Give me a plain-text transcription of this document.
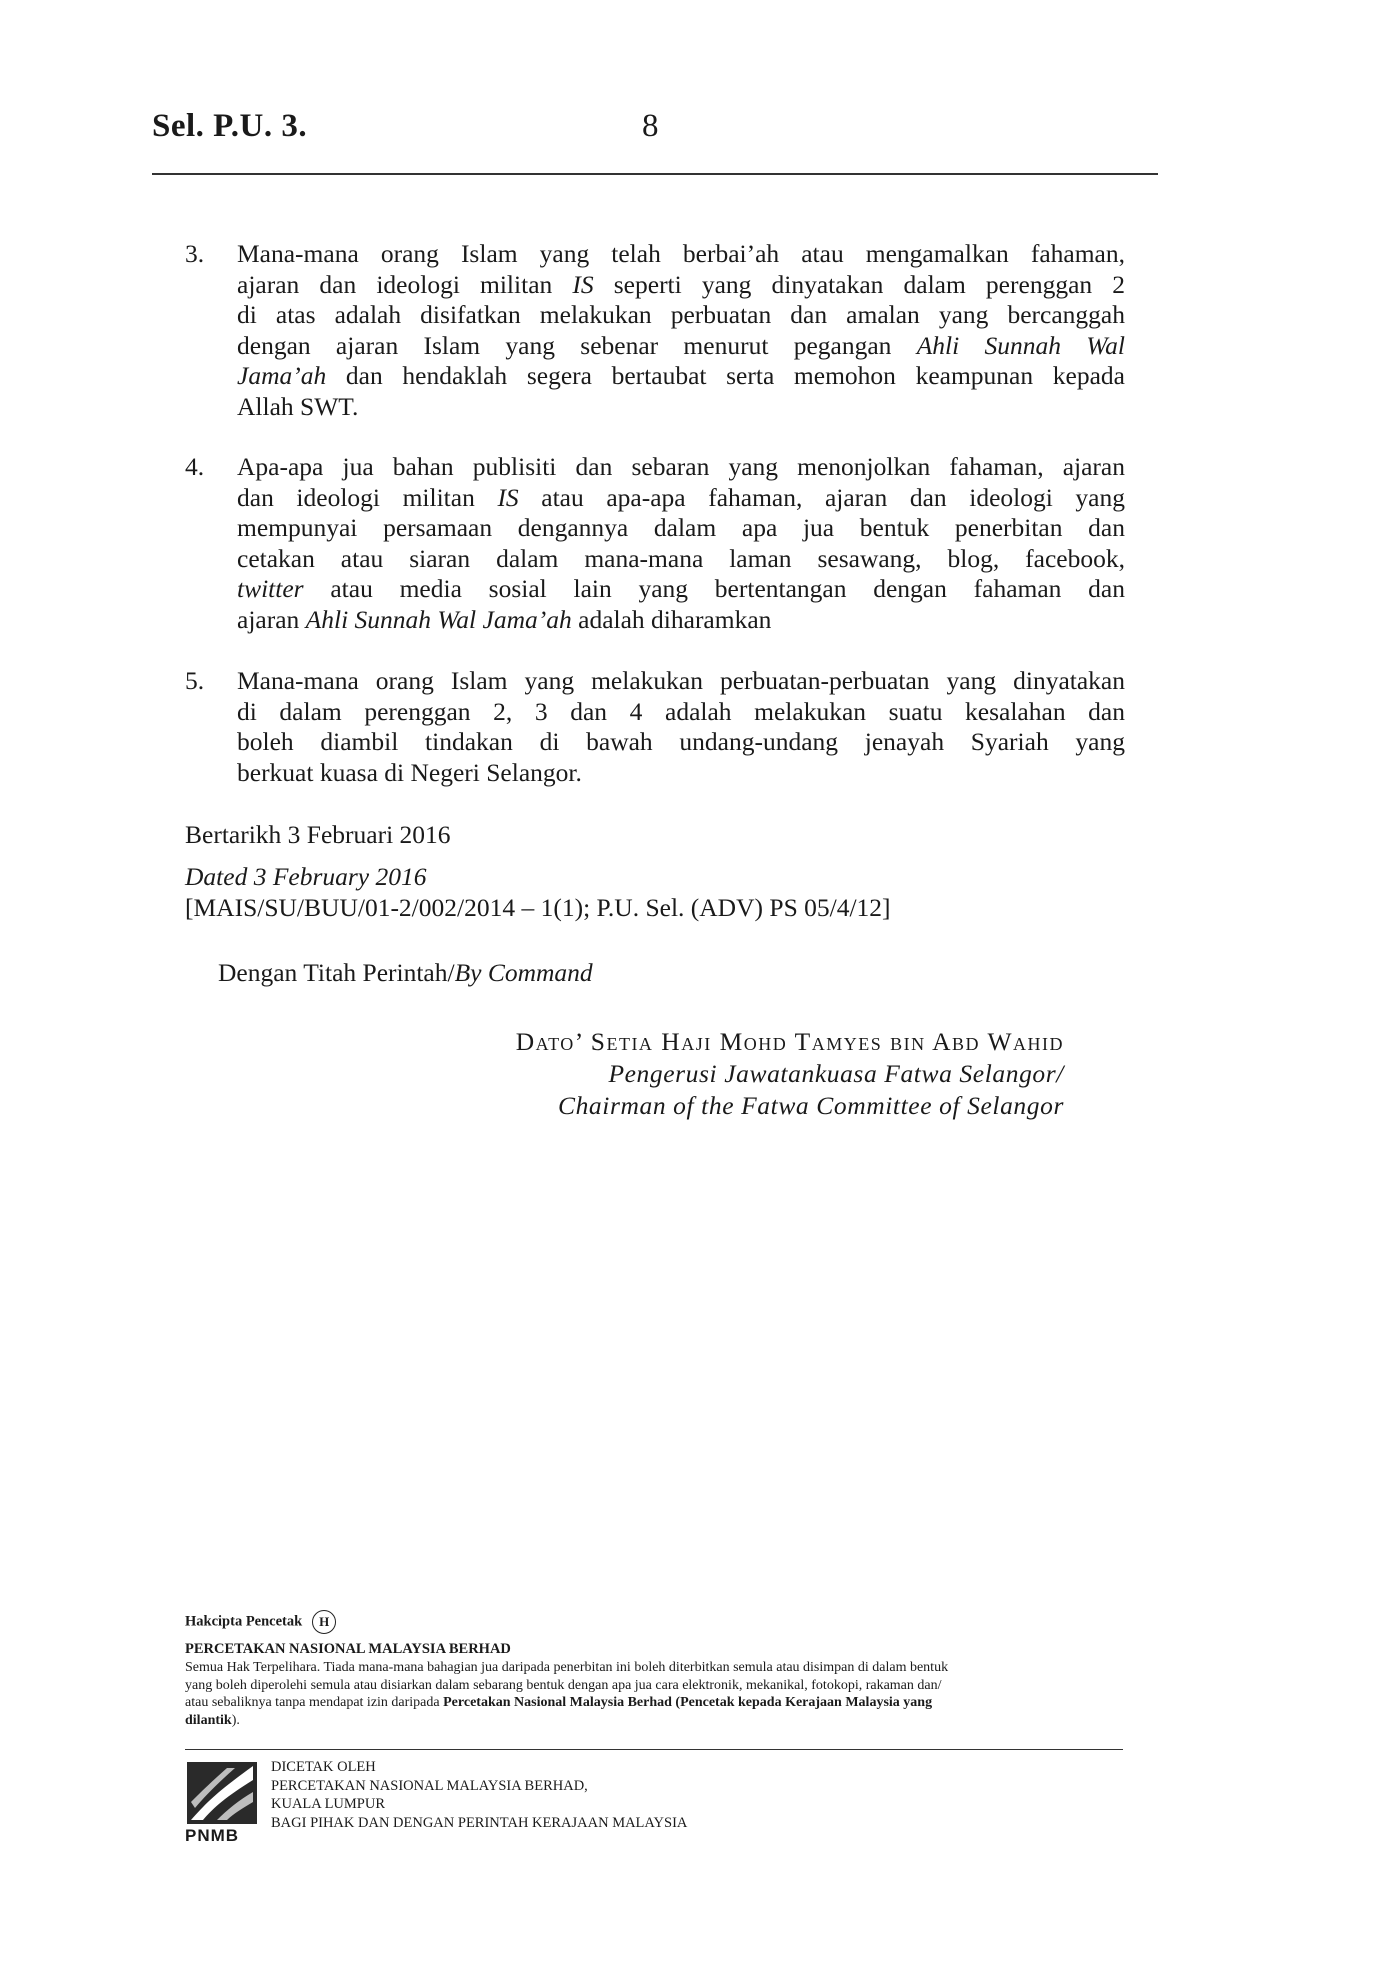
Sel. P.U. 3.	8
3. Mana-mana orang Islam yang telah berbai’ah atau mengamalkan fahaman,
ajaran dan ideologi militan IS seperti yang dinyatakan dalam perenggan 2
di atas adalah disifatkan melakukan perbuatan dan amalan yang bercanggah
dengan ajaran Islam yang sebenar menurut pegangan Ahli Sunnah Wal
Jama’ah dan hendaklah segera bertaubat serta memohon keampunan kepada
Allah SWT.
4. Apa-apa jua bahan publisiti dan sebaran yang menonjolkan fahaman, ajaran
dan ideologi militan IS atau apa-apa fahaman, ajaran dan ideologi yang
mempunyai persamaan dengannya dalam apa jua bentuk penerbitan dan
cetakan atau siaran dalam mana-mana laman sesawang, blog, facebook,
twitter atau media sosial lain yang bertentangan dengan fahaman dan
ajaran Ahli Sunnah Wal Jama’ah adalah diharamkan
5. Mana-mana orang Islam yang melakukan perbuatan-perbuatan yang dinyatakan
di dalam perenggan 2, 3 dan 4 adalah melakukan suatu kesalahan dan
boleh diambil tindakan di bawah undang-undang jenayah Syariah yang
berkuat kuasa di Negeri Selangor.
Bertarikh 3 Februari 2016
Dated 3 February 2016
[MAIS/SU/BUU/01-2/002/2014 – 1(1); P.U. Sel. (ADV) PS 05/4/12]
Dengan Titah Perintah/By Command
Dato’ Setia Haji Mohd Tamyes bin Abd Wahid
Pengerusi Jawatankuasa Fatwa Selangor/
Chairman of the Fatwa Committee of Selangor
Hakcipta Pencetak H
PERCETAKAN NASIONAL MALAYSIA BERHAD
Semua Hak Terpelihara. Tiada mana-mana bahagian jua daripada penerbitan ini boleh diterbitkan semula atau disimpan di dalam bentuk
yang boleh diperolehi semula atau disiarkan dalam sebarang bentuk dengan apa jua cara elektronik, mekanikal, fotokopi, rakaman dan/
atau sebaliknya tanpa mendapat izin daripada Percetakan Nasional Malaysia Berhad (Pencetak kepada Kerajaan Malaysia yang
dilantik).
PNMB
DICETAK OLEH
PERCETAKAN NASIONAL MALAYSIA BERHAD,
KUALA LUMPUR
BAGI PIHAK DAN DENGAN PERINTAH KERAJAAN MALAYSIA
